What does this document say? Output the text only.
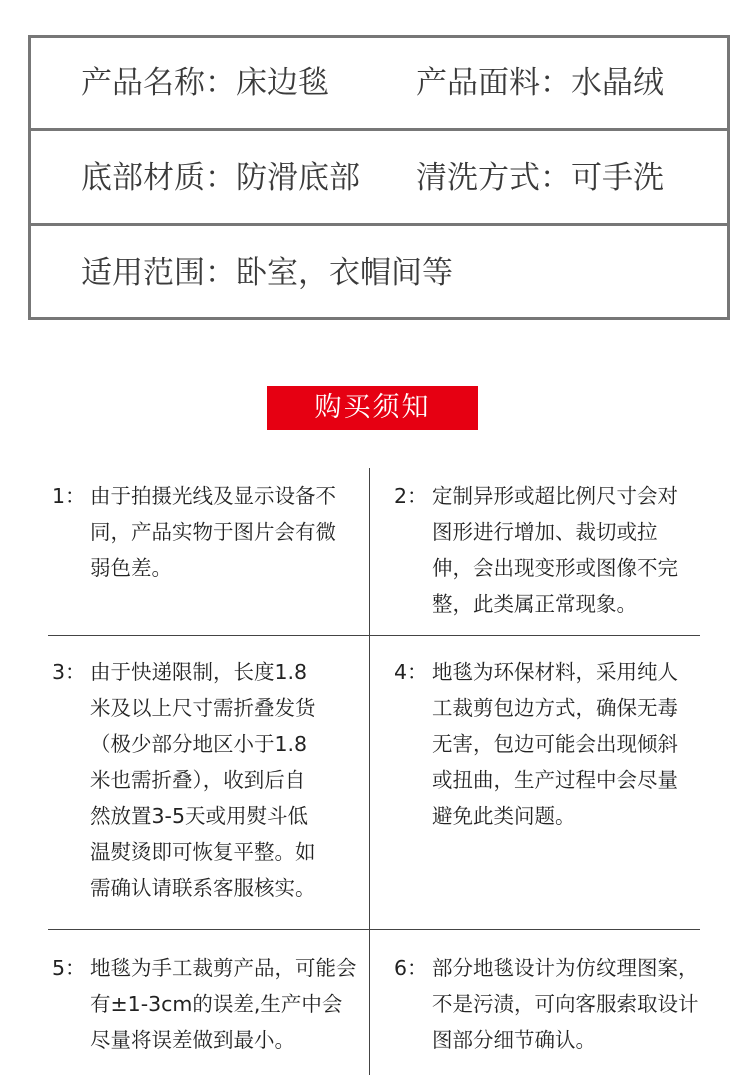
产品名称：床边毯	产品面料：水晶绒
底部材质：防滑底部 清洗方式：可手洗
适用范围：卧室，衣帽间等
购买须知
1： 由于拍摄光线及显示设备不同，产品实物于图片会有微弱色差。
2： 定制异形或超比例尺寸会对图形进行增加、裁切或拉伸，会出现变形或图像不完整，此类属正常现象。
3： 由于快递限制，长度1.8米及以上尺寸需折叠发货（极少部分地区小于1.8米也需折叠），收到后自然放置3-5天或用熨斗低温熨烫即可恢复平整。如需确认请联系客服核实。
4： 地毯为环保材料，采用纯人工裁剪包边方式，确保无毒无害，包边可能会出现倾斜或扭曲，生产过程中会尽量避免此类问题。
5： 地毯为手工裁剪产品，可能会有±1-3cm的误差,生产中会尽量将误差做到最小。
6： 部分地毯设计为仿纹理图案，不是污渍，可向客服索取设计图部分细节确认。
